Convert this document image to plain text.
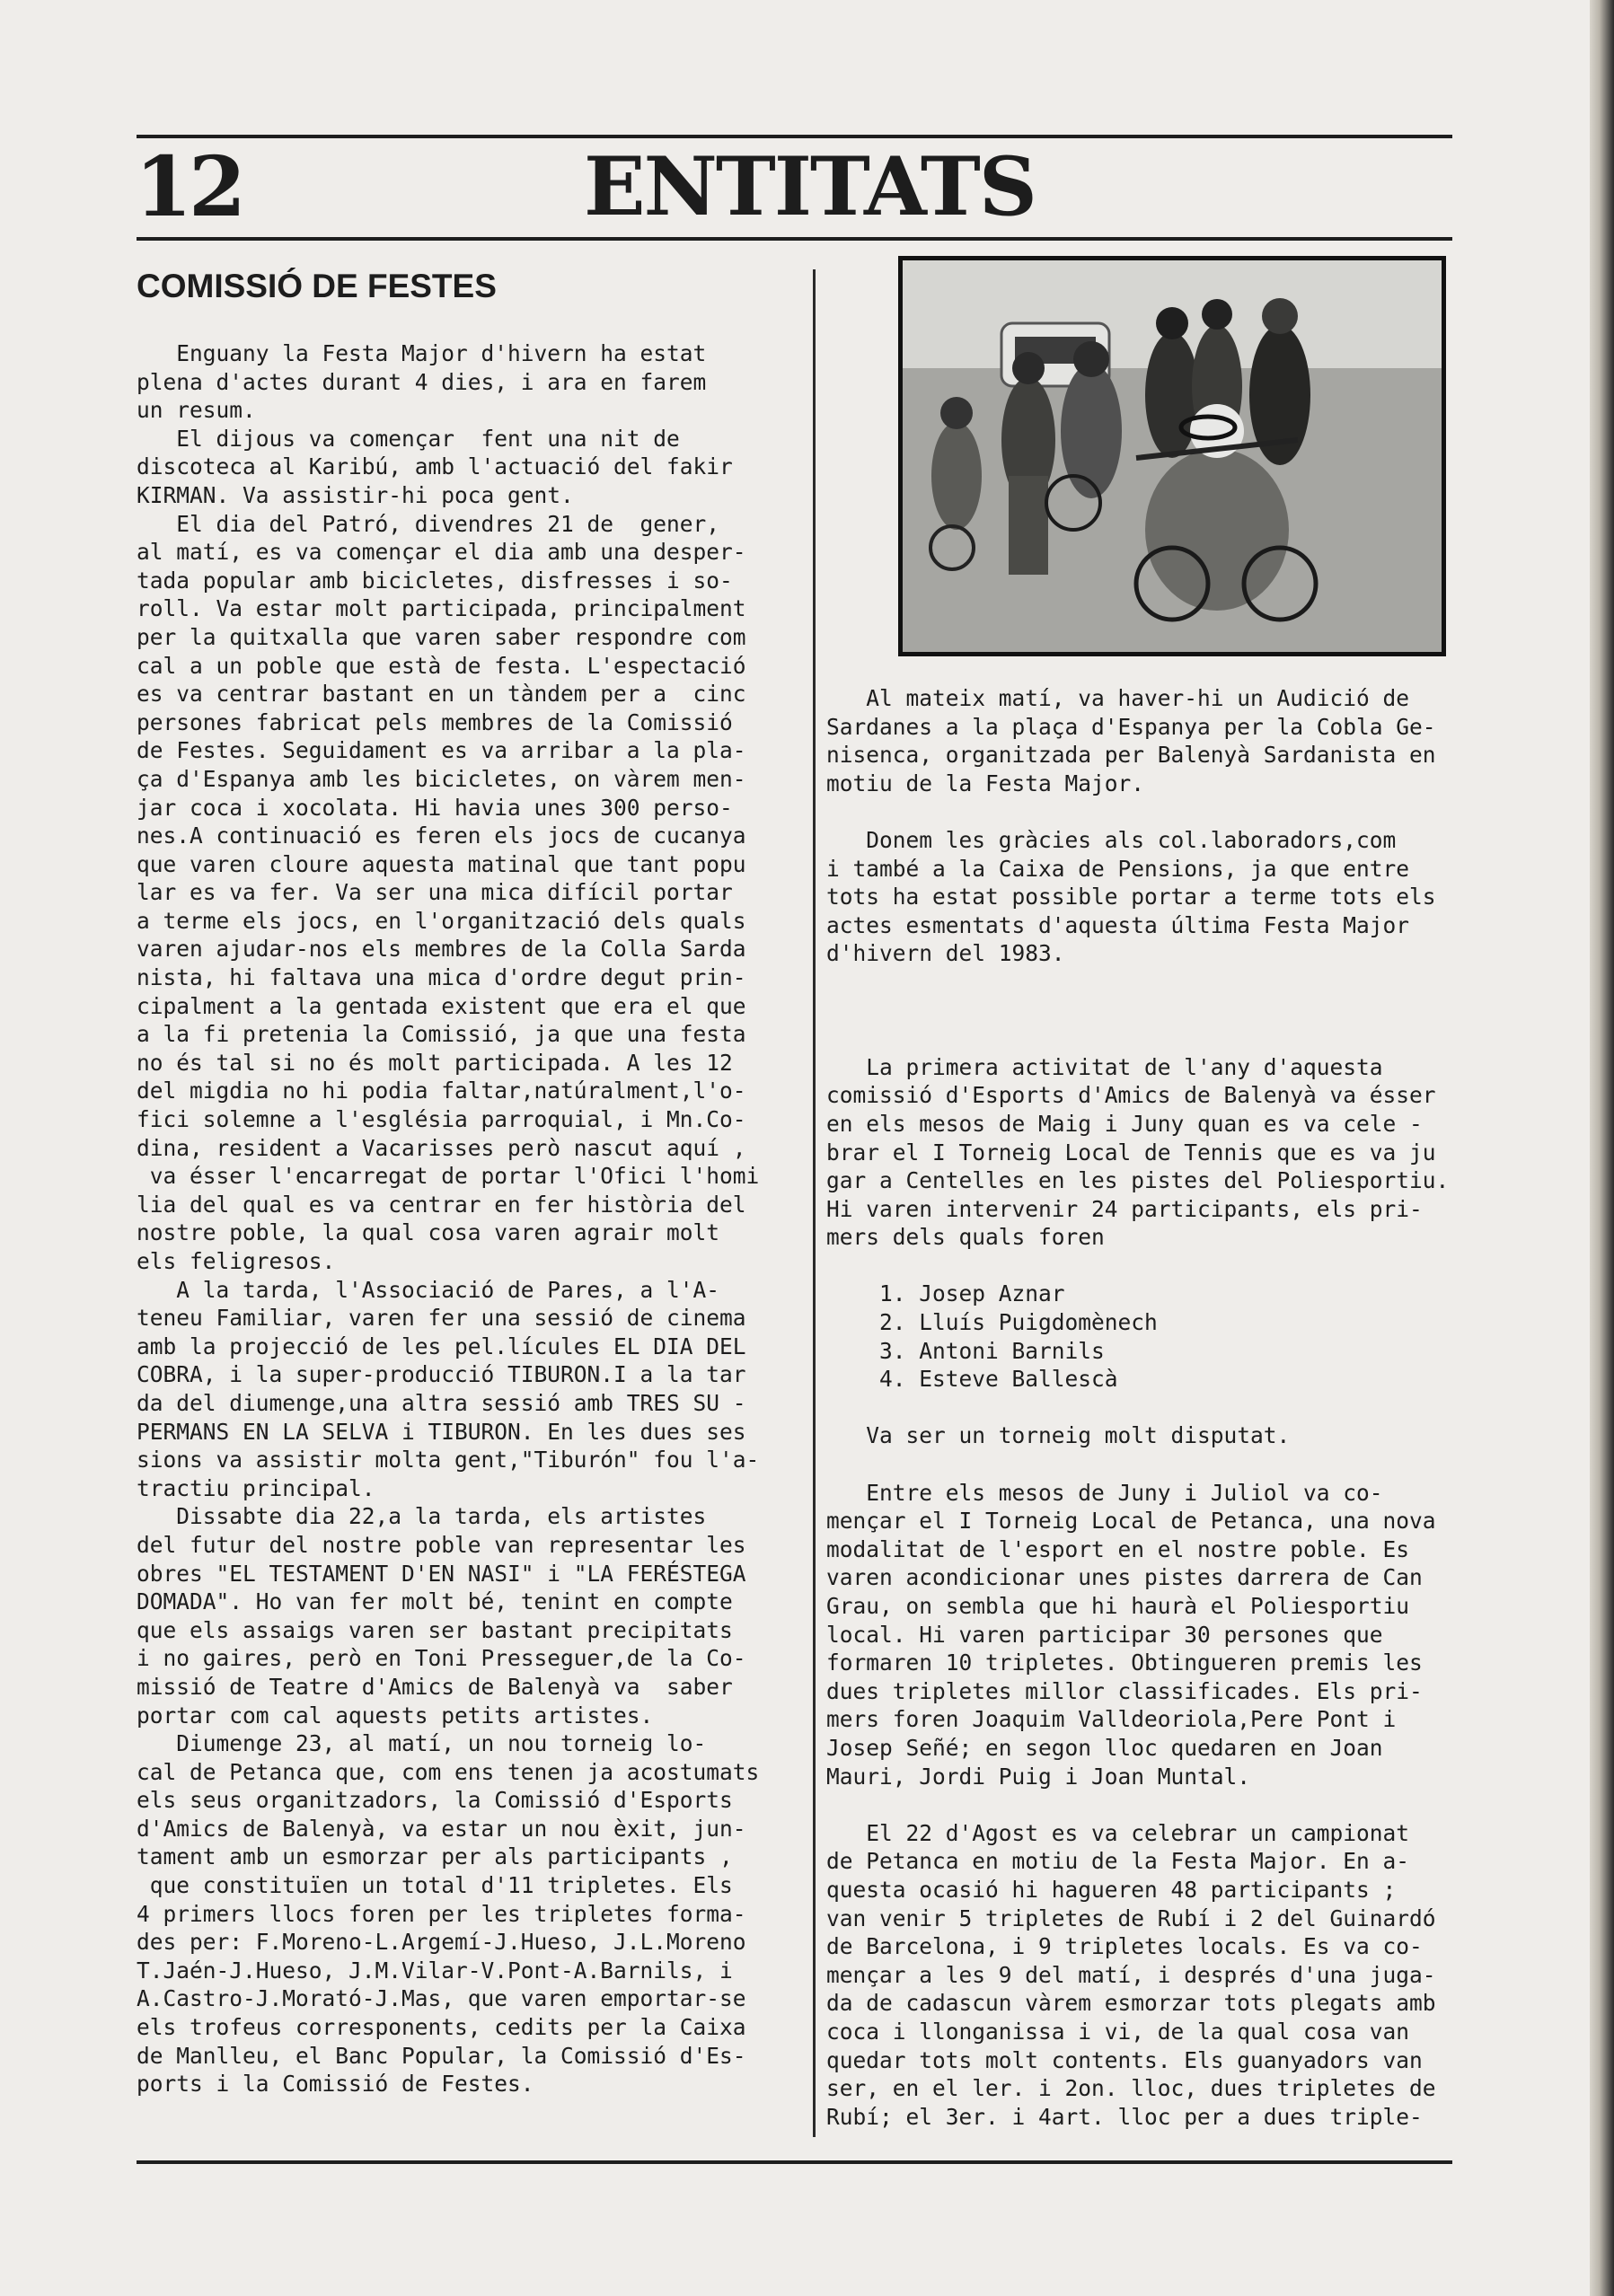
12	ENTITATS
COMISSIÓ DE FESTES
Enguany la Festa Major d'hivern ha estat
plena d'actes durant 4 dies, i ara en farem
un resum.
El dijous va començar  fent una nit de
discoteca al Karibú, amb l'actuació del fakir
KIRMAN. Va assistir-hi poca gent.
El dia del Patró, divendres 21 de  gener,
al matí, es va començar el dia amb una desper-
tada popular amb bicicletes, disfresses i so-
roll. Va estar molt participada, principalment
per la quitxalla que varen saber respondre com
cal a un poble que està de festa. L'espectació
es va centrar bastant en un tàndem per a  cinc
persones fabricat pels membres de la Comissió
de Festes. Seguidament es va arribar a la pla-
ça d'Espanya amb les bicicletes, on vàrem men-
jar coca i xocolata. Hi havia unes 300 perso-
nes.A continuació es feren els jocs de cucanya
que varen cloure aquesta matinal que tant popu
lar es va fer. Va ser una mica difícil portar
a terme els jocs, en l'organització dels quals
varen ajudar-nos els membres de la Colla Sarda
nista, hi faltava una mica d'ordre degut prin-
cipalment a la gentada existent que era el que
a la fi pretenia la Comissió, ja que una festa
no és tal si no és molt participada. A les 12
del migdia no hi podia faltar,natúralment,l'o-
fici solemne a l'església parroquial, i Mn.Co-
dina, resident a Vacarisses però nascut aquí ,
va ésser l'encarregat de portar l'Ofici l'homi
lia del qual es va centrar en fer història del
nostre poble, la qual cosa varen agrair molt
els feligresos.
A la tarda, l'Associació de Pares, a l'A-
teneu Familiar, varen fer una sessió de cinema
amb la projecció de les pel.lícules EL DIA DEL
COBRA, i la super-producció TIBURON.I a la tar
da del diumenge,una altra sessió amb TRES SU -
PERMANS EN LA SELVA i TIBURON. En les dues ses
sions va assistir molta gent,"Tiburón" fou l'a-
tractiu principal.
Dissabte dia 22,a la tarda, els artistes
del futur del nostre poble van representar les
obres "EL TESTAMENT D'EN NASI" i "LA FERÉSTEGA
DOMADA". Ho van fer molt bé, tenint en compte
que els assaigs varen ser bastant precipitats
i no gaires, però en Toni Presseguer,de la Co-
missió de Teatre d'Amics de Balenyà va  saber
portar com cal aquests petits artistes.
Diumenge 23, al matí, un nou torneig lo-
cal de Petanca que, com ens tenen ja acostumats
els seus organitzadors, la Comissió d'Esports
d'Amics de Balenyà, va estar un nou èxit, jun-
tament amb un esmorzar per als participants ,
que constituïen un total d'11 tripletes. Els
4 primers llocs foren per les tripletes forma-
des per: F.Moreno-L.Argemí-J.Hueso, J.L.Moreno
T.Jaén-J.Hueso, J.M.Vilar-V.Pont-A.Barnils, i
A.Castro-J.Morató-J.Mas, que varen emportar-se
els trofeus corresponents, cedits per la Caixa
de Manlleu, el Banc Popular, la Comissió d'Es-
ports i la Comissió de Festes.
Al mateix matí, va haver-hi un Audició de
Sardanes a la plaça d'Espanya per la Cobla Ge-
nisenca, organitzada per Balenyà Sardanista en
motiu de la Festa Major.
Donem les gràcies als col.laboradors,com
i també a la Caixa de Pensions, ja que entre
tots ha estat possible portar a terme tots els
actes esmentats d'aquesta última Festa Major
d'hivern del 1983.
La primera activitat de l'any d'aquesta
comissió d'Esports d'Amics de Balenyà va ésser
en els mesos de Maig i Juny quan es va cele -
brar el I Torneig Local de Tennis que es va ju
gar a Centelles en les pistes del Poliesportiu.
Hi varen intervenir 24 participants, els pri-
mers dels quals foren
1. Josep Aznar
2. Lluís Puigdomènech
3. Antoni Barnils
4. Esteve Ballescà
Va ser un torneig molt disputat.
Entre els mesos de Juny i Juliol va co-
mençar el I Torneig Local de Petanca, una nova
modalitat de l'esport en el nostre poble. Es
varen acondicionar unes pistes darrera de Can
Grau, on sembla que hi haurà el Poliesportiu
local. Hi varen participar 30 persones que
formaren 10 tripletes. Obtingueren premis les
dues tripletes millor classificades. Els pri-
mers foren Joaquim Valldeoriola,Pere Pont i
Josep Señé; en segon lloc quedaren en Joan
Mauri, Jordi Puig i Joan Muntal.
El 22 d'Agost es va celebrar un campionat
de Petanca en motiu de la Festa Major. En a-
questa ocasió hi hagueren 48 participants ;
van venir 5 tripletes de Rubí i 2 del Guinardó
de Barcelona, i 9 tripletes locals. Es va co-
mençar a les 9 del matí, i després d'una juga-
da de cadascun vàrem esmorzar tots plegats amb
coca i llonganissa i vi, de la qual cosa van
quedar tots molt contents. Els guanyadors van
ser, en el ler. i 2on. lloc, dues tripletes de
Rubí; el 3er. i 4art. lloc per a dues triple-
